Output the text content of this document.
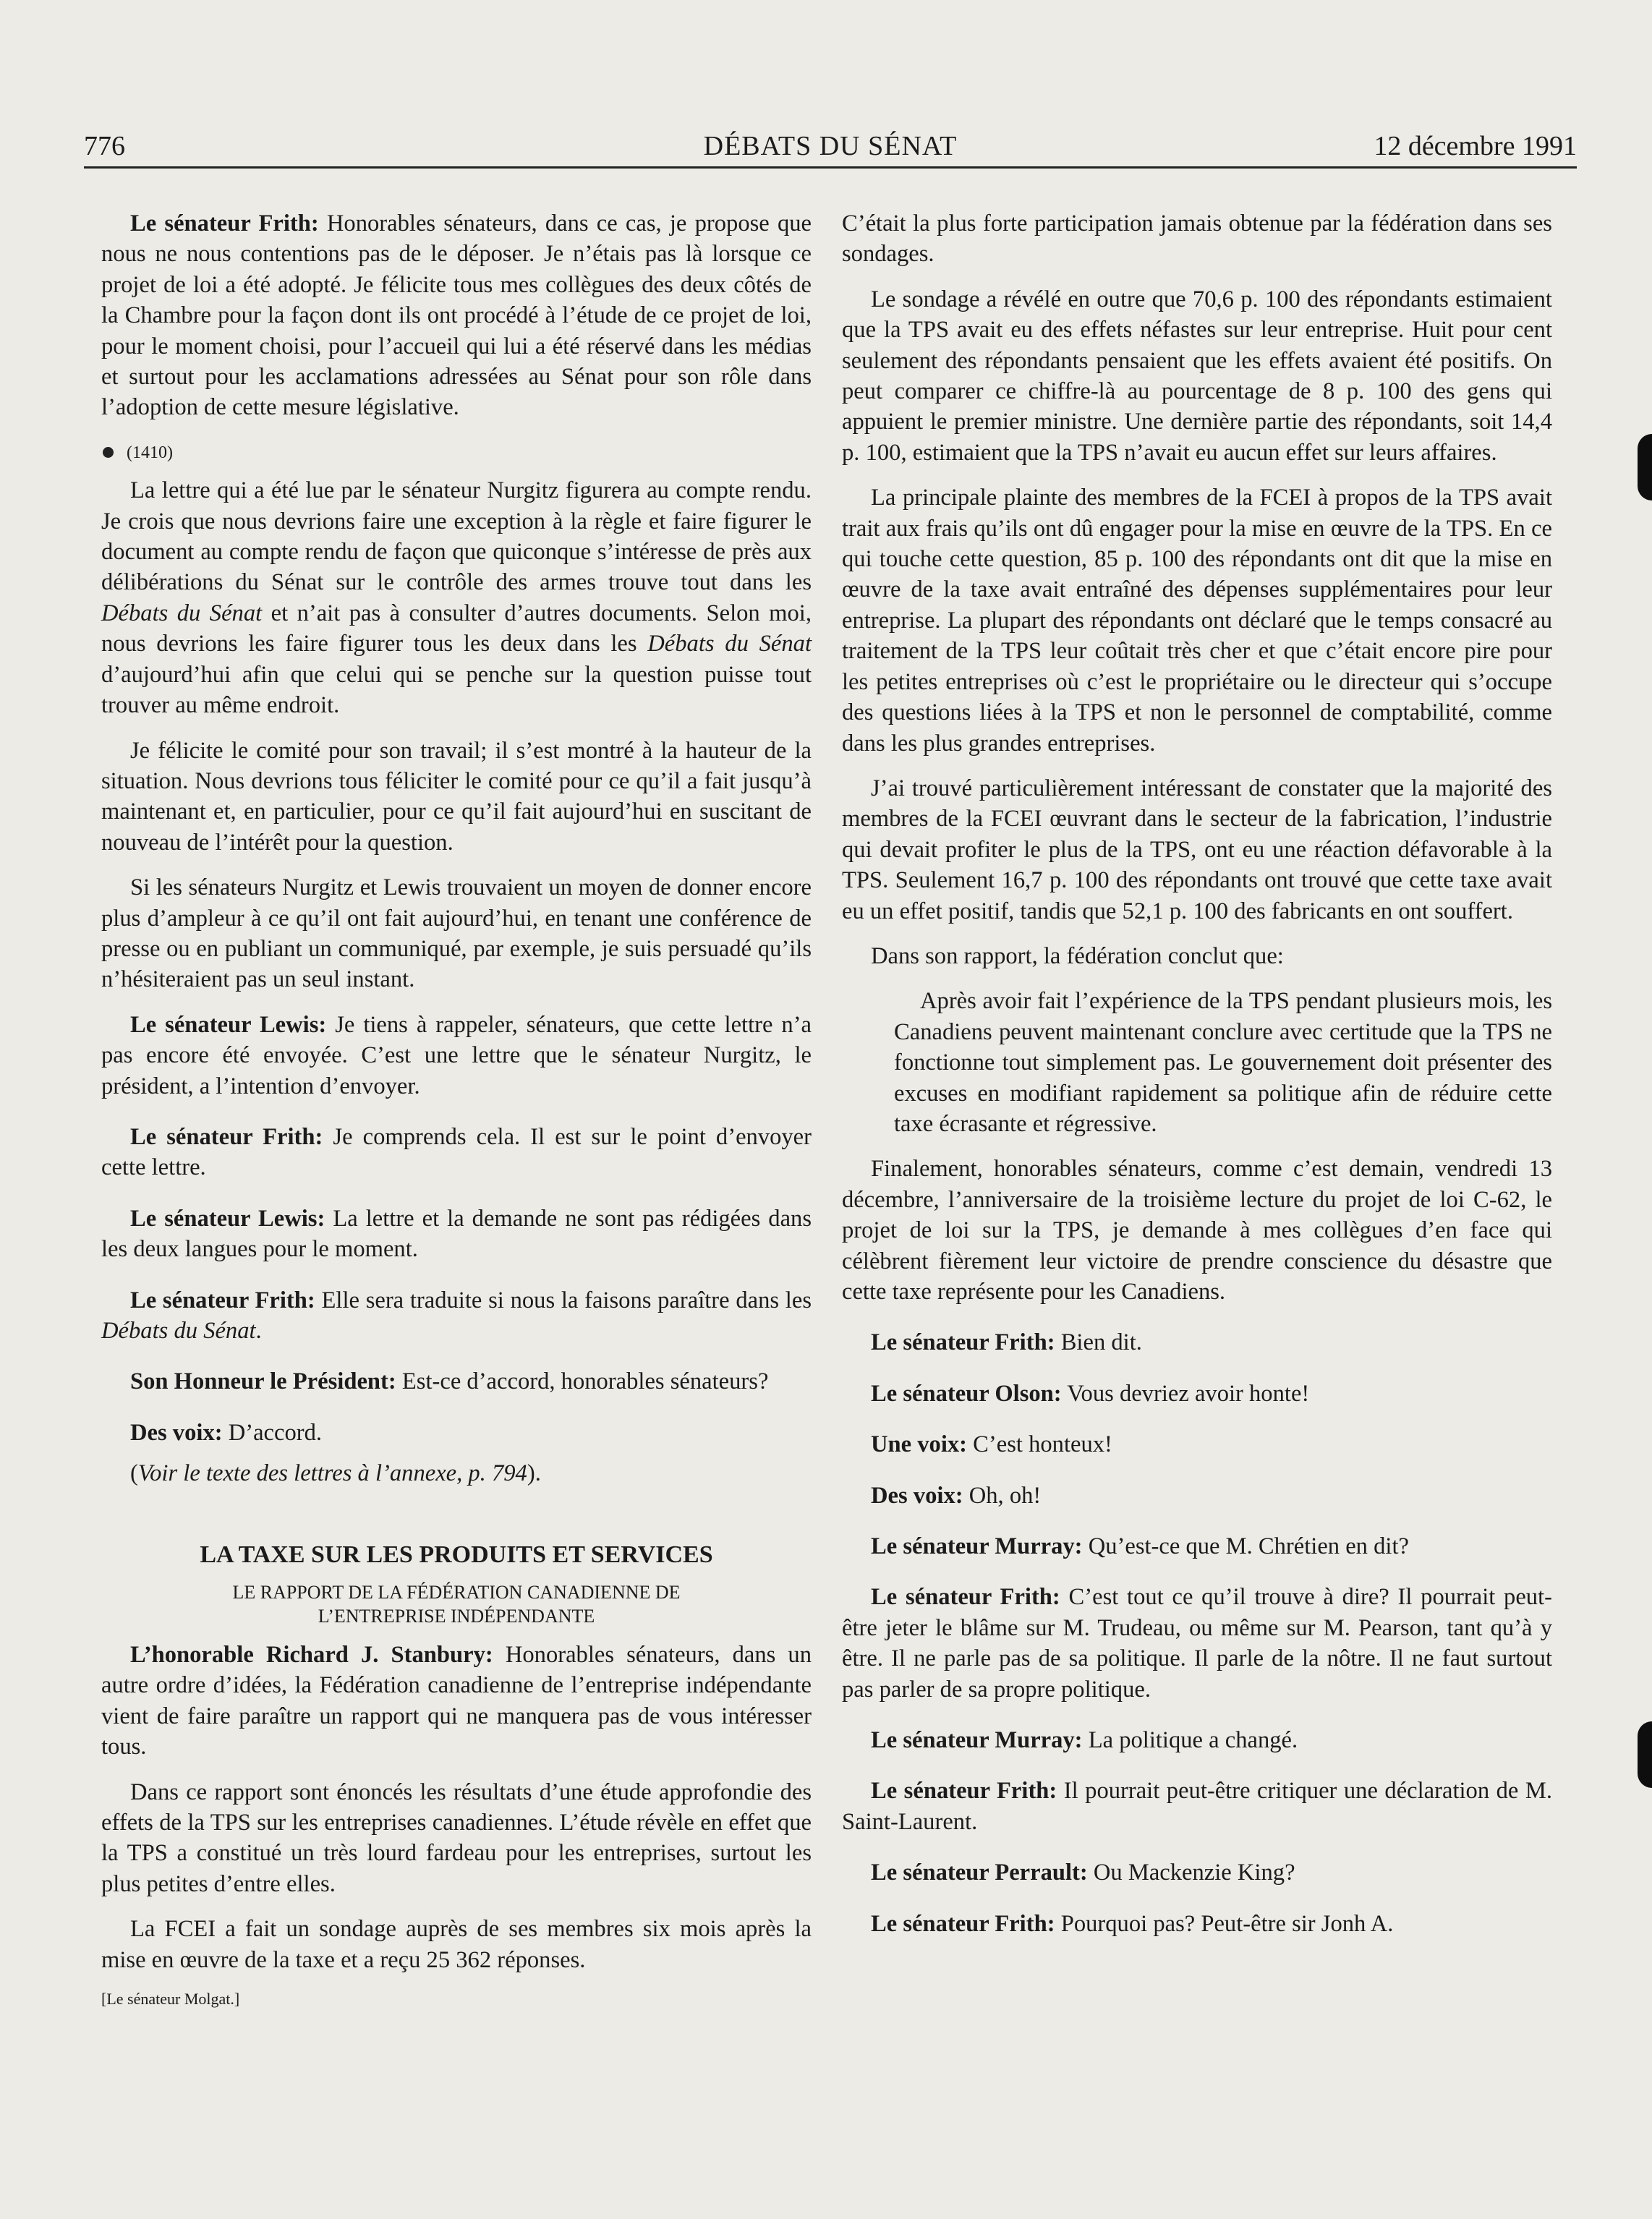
DÉBATS DU SÉNAT
776	12 décembre 1991

Le sénateur Frith: Honorables sénateurs, dans ce cas, je propose que nous ne nous contentions pas de le déposer. Je n’étais pas là lorsque ce projet de loi a été adopté. Je félicite tous mes collègues des deux côtés de la Chambre pour la façon dont ils ont procédé à l’étude de ce projet de loi, pour le moment choisi, pour l’accueil qui lui a été réservé dans les médias et surtout pour les acclamations adressées au Sénat pour son rôle dans l’adoption de cette mesure législative.

(1410)

La lettre qui a été lue par le sénateur Nurgitz figurera au compte rendu. Je crois que nous devrions faire une exception à la règle et faire figurer le document au compte rendu de façon que quiconque s’intéresse de près aux délibérations du Sénat sur le contrôle des armes trouve tout dans les Débats du Sénat et n’ait pas à consulter d’autres documents. Selon moi, nous devrions les faire figurer tous les deux dans les Débats du Sénat d’aujourd’hui afin que celui qui se penche sur la question puisse tout trouver au même endroit.

Je félicite le comité pour son travail; il s’est montré à la hauteur de la situation. Nous devrions tous féliciter le comité pour ce qu’il a fait jusqu’à maintenant et, en particulier, pour ce qu’il fait aujourd’hui en suscitant de nouveau de l’intérêt pour la question.

Si les sénateurs Nurgitz et Lewis trouvaient un moyen de donner encore plus d’ampleur à ce qu’il ont fait aujourd’hui, en tenant une conférence de presse ou en publiant un communiqué, par exemple, je suis persuadé qu’ils n’hésiteraient pas un seul instant.

Le sénateur Lewis: Je tiens à rappeler, sénateurs, que cette lettre n’a pas encore été envoyée. C’est une lettre que le sénateur Nurgitz, le président, a l’intention d’envoyer.

Le sénateur Frith: Je comprends cela. Il est sur le point d’envoyer cette lettre.

Le sénateur Lewis: La lettre et la demande ne sont pas rédigées dans les deux langues pour le moment.

Le sénateur Frith: Elle sera traduite si nous la faisons paraître dans les Débats du Sénat.

Son Honneur le Président: Est-ce d’accord, honorables sénateurs?

Des voix: D’accord.

(Voir le texte des lettres à l’annexe, p. 794).

LA TAXE SUR LES PRODUITS ET SERVICES
LE RAPPORT DE LA FÉDÉRATION CANADIENNE DE
L’ENTREPRISE INDÉPENDANTE

L’honorable Richard J. Stanbury: Honorables sénateurs, dans un autre ordre d’idées, la Fédération canadienne de l’entreprise indépendante vient de faire paraître un rapport qui ne manquera pas de vous intéresser tous.

Dans ce rapport sont énoncés les résultats d’une étude approfondie des effets de la TPS sur les entreprises canadiennes. L’étude révèle en effet que la TPS a constitué un très lourd fardeau pour les entreprises, surtout les plus petites d’entre elles.

La FCEI a fait un sondage auprès de ses membres six mois après la mise en œuvre de la taxe et a reçu 25 362 réponses.

[Le sénateur Molgat.]

C’était la plus forte participation jamais obtenue par la fédération dans ses sondages.

Le sondage a révélé en outre que 70,6 p. 100 des répondants estimaient que la TPS avait eu des effets néfastes sur leur entreprise. Huit pour cent seulement des répondants pensaient que les effets avaient été positifs. On peut comparer ce chiffre-là au pourcentage de 8 p. 100 des gens qui appuient le premier ministre. Une dernière partie des répondants, soit 14,4 p. 100, estimaient que la TPS n’avait eu aucun effet sur leurs affaires.

La principale plainte des membres de la FCEI à propos de la TPS avait trait aux frais qu’ils ont dû engager pour la mise en œuvre de la TPS. En ce qui touche cette question, 85 p. 100 des répondants ont dit que la mise en œuvre de la taxe avait entraîné des dépenses supplémentaires pour leur entreprise. La plupart des répondants ont déclaré que le temps consacré au traitement de la TPS leur coûtait très cher et que c’était encore pire pour les petites entreprises où c’est le propriétaire ou le directeur qui s’occupe des questions liées à la TPS et non le personnel de comptabilité, comme dans les plus grandes entreprises.

J’ai trouvé particulièrement intéressant de constater que la majorité des membres de la FCEI œuvrant dans le secteur de la fabrication, l’industrie qui devait profiter le plus de la TPS, ont eu une réaction défavorable à la TPS. Seulement 16,7 p. 100 des répondants ont trouvé que cette taxe avait eu un effet positif, tandis que 52,1 p. 100 des fabricants en ont souffert.

Dans son rapport, la fédération conclut que:

Après avoir fait l’expérience de la TPS pendant plusieurs mois, les Canadiens peuvent maintenant conclure avec certitude que la TPS ne fonctionne tout simplement pas. Le gouvernement doit présenter des excuses en modifiant rapidement sa politique afin de réduire cette taxe écrasante et régressive.

Finalement, honorables sénateurs, comme c’est demain, vendredi 13 décembre, l’anniversaire de la troisième lecture du projet de loi C-62, le projet de loi sur la TPS, je demande à mes collègues d’en face qui célèbrent fièrement leur victoire de prendre conscience du désastre que cette taxe représente pour les Canadiens.

Le sénateur Frith: Bien dit.

Le sénateur Olson: Vous devriez avoir honte!

Une voix: C’est honteux!

Des voix: Oh, oh!

Le sénateur Murray: Qu’est-ce que M. Chrétien en dit?

Le sénateur Frith: C’est tout ce qu’il trouve à dire? Il pourrait peut-être jeter le blâme sur M. Trudeau, ou même sur M. Pearson, tant qu’à y être. Il ne parle pas de sa politique. Il parle de la nôtre. Il ne faut surtout pas parler de sa propre politique.

Le sénateur Murray: La politique a changé.

Le sénateur Frith: Il pourrait peut-être critiquer une déclaration de M. Saint-Laurent.

Le sénateur Perrault: Ou Mackenzie King?

Le sénateur Frith: Pourquoi pas? Peut-être sir Jonh A.
